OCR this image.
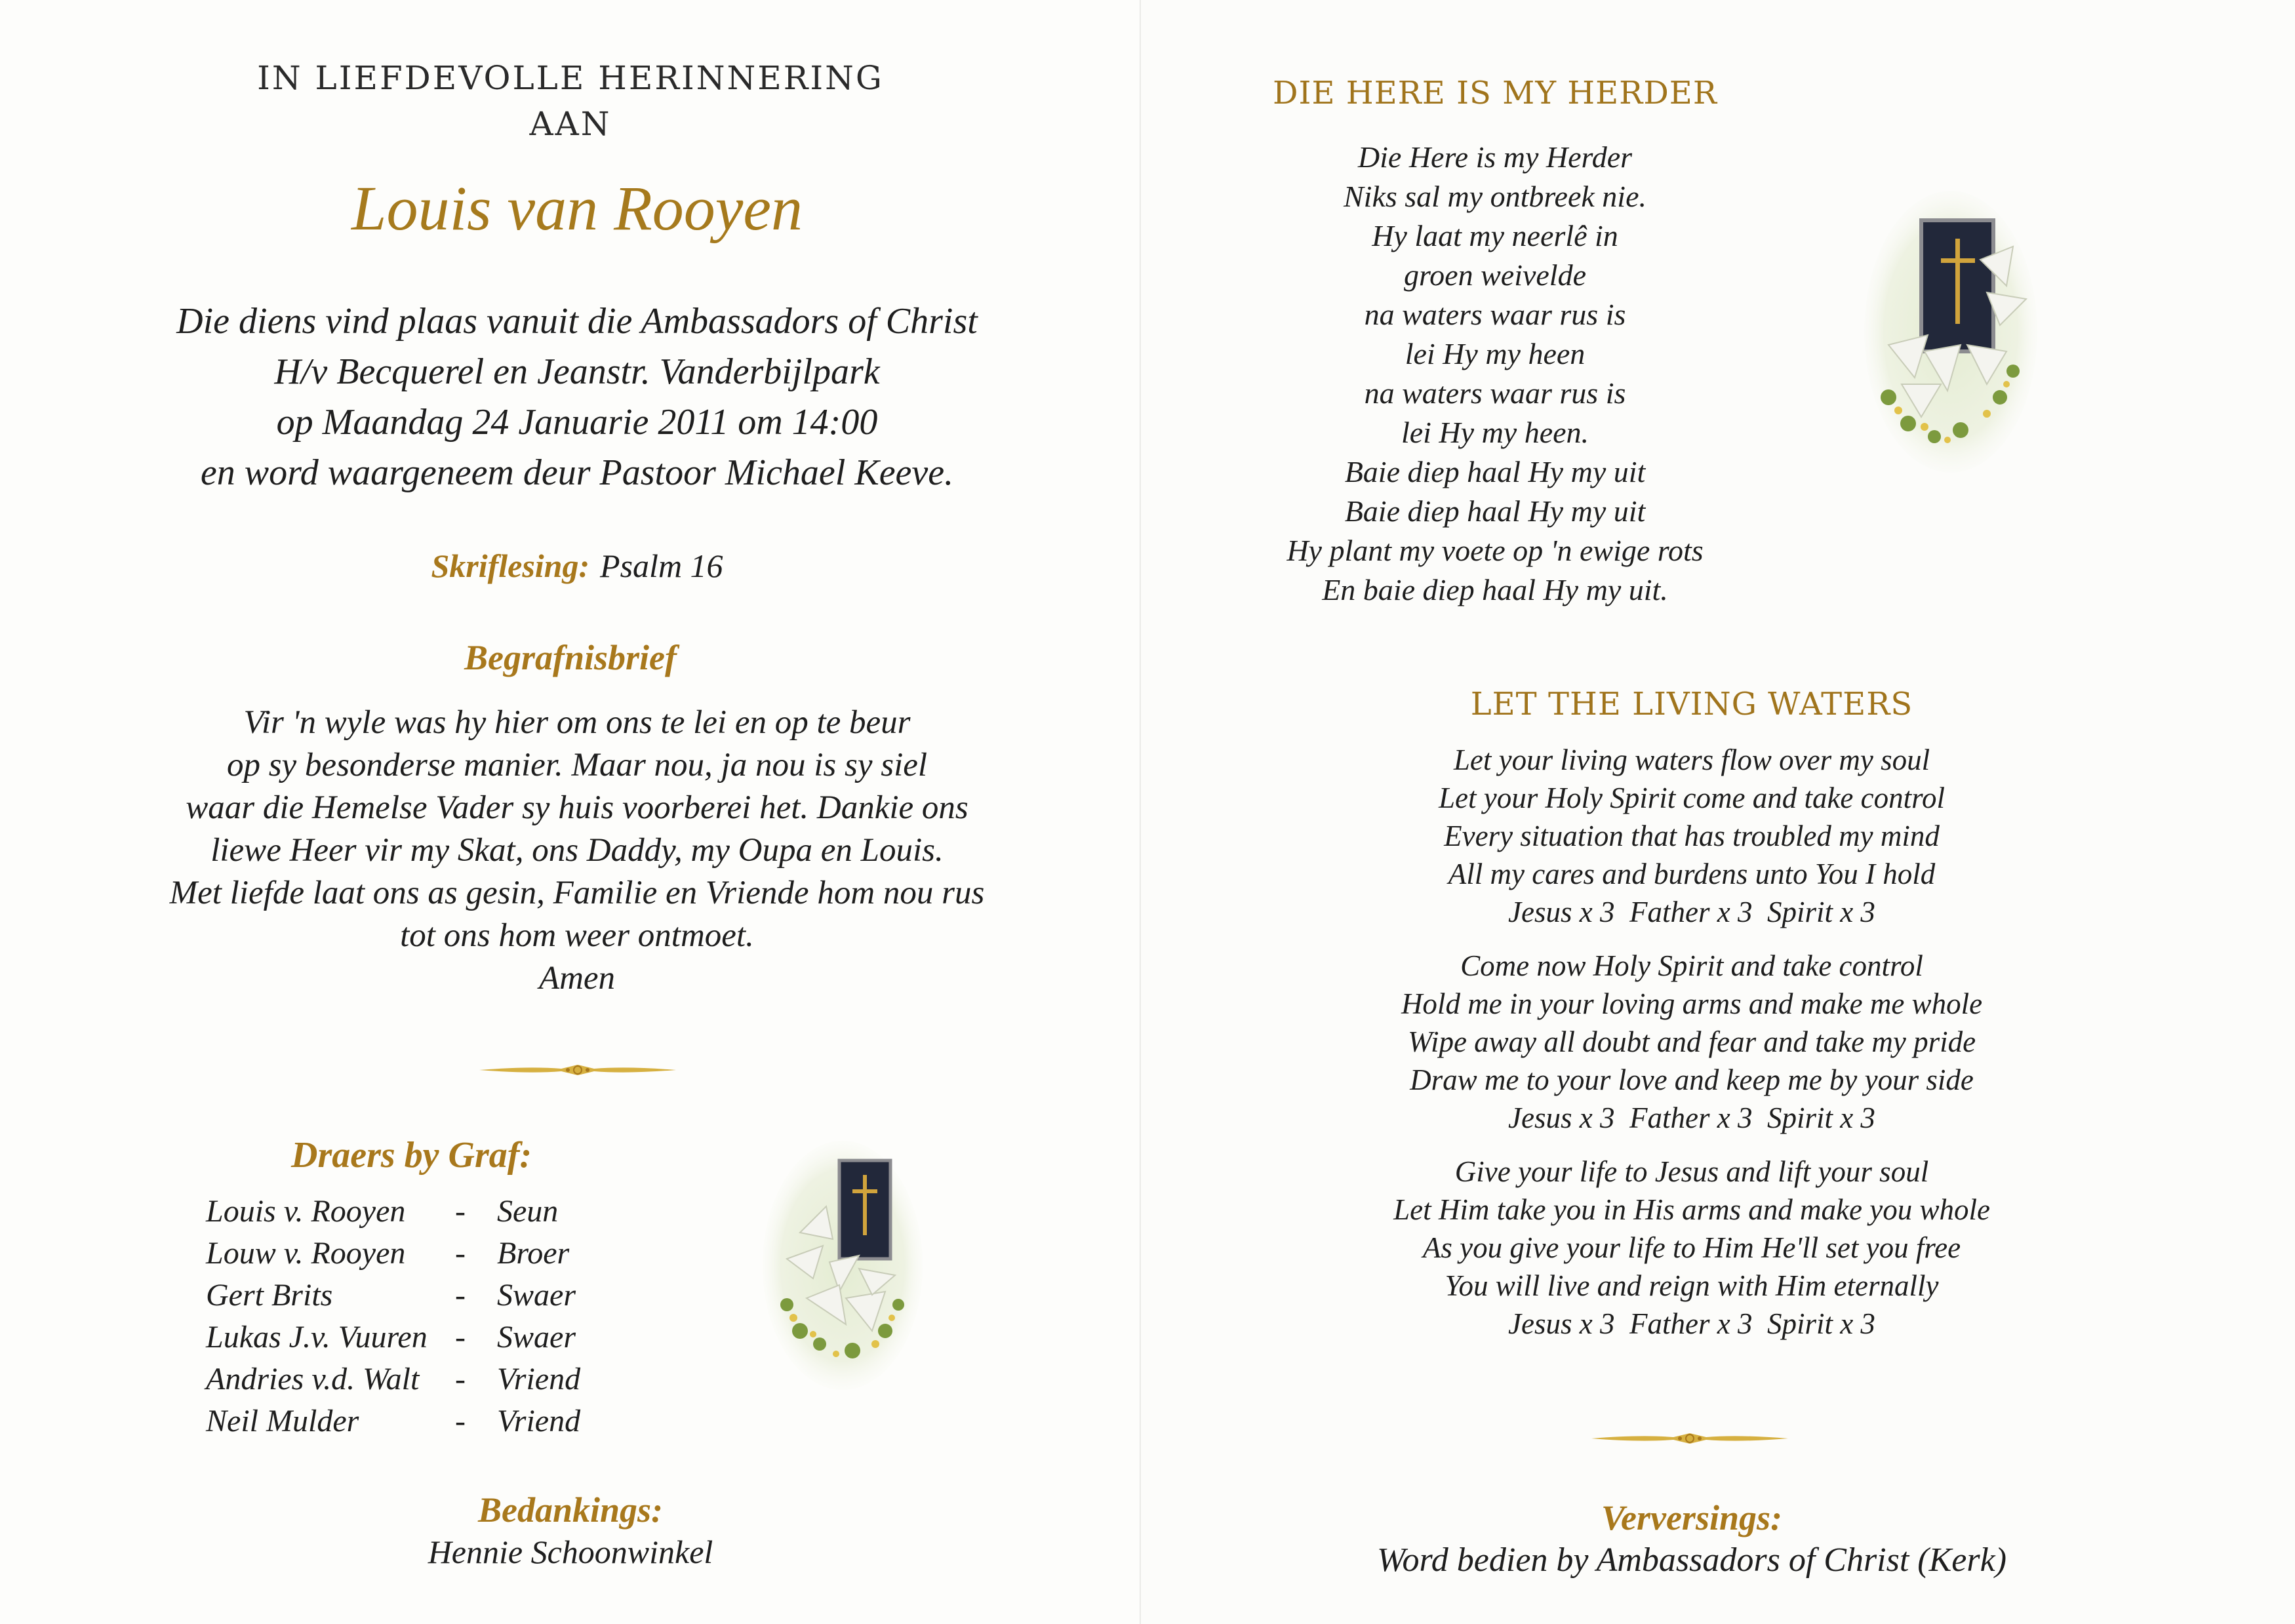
IN LIEFDEVOLLE HERINNERING
AAN
Louis van Rooyen
Die diens vind plaas vanuit die Ambassadors of Christ
H/v Becquerel en Jeanstr. Vanderbijlpark
op Maandag 24 Januarie 2011 om 14:00
en word waargeneem deur Pastoor Michael Keeve.
Skriflesing: Psalm 16
Begrafnisbrief
Vir 'n wyle was hy hier om ons te lei en op te beur
op sy besonderse manier. Maar nou, ja nou is sy siel
waar die Hemelse Vader sy huis voorberei het. Dankie ons
liewe Heer vir my Skat, ons Daddy, my Oupa en Louis.
Met liefde laat ons as gesin, Familie en Vriende hom nou rus
tot ons hom weer ontmoet.
Amen
Draers by Graf:
Louis v. Rooyen - Seun
Louw v. Rooyen - Broer
Gert Brits	- Swaer
Lukas J.v. Vuuren - Swaer
Andries v.d. Walt - Vriend
Neil Mulder	- Vriend
Bedankings:
Hennie Schoonwinkel
DIE HERE IS MY HERDER
Die Here is my Herder
Niks sal my ontbreek nie.
Hy laat my neerlê in
groen weivelde
na waters waar rus is
lei Hy my heen
na waters waar rus is
lei Hy my heen.
Baie diep haal Hy my uit
Baie diep haal Hy my uit
Hy plant my voete op 'n ewige rots
En baie diep haal Hy my uit.
LET THE LIVING WATERS
Let your living waters flow over my soul
Let your Holy Spirit come and take control
Every situation that has troubled my mind
All my cares and burdens unto You I hold
Jesus x 3  Father x 3  Spirit x 3
Come now Holy Spirit and take control
Hold me in your loving arms and make me whole
Wipe away all doubt and fear and take my pride
Draw me to your love and keep me by your side
Jesus x 3  Father x 3  Spirit x 3
Give your life to Jesus and lift your soul
Let Him take you in His arms and make you whole
As you give your life to Him He'll set you free
You will live and reign with Him eternally
Jesus x 3  Father x 3  Spirit x 3
Verversings:
Word bedien by Ambassadors of Christ (Kerk)
